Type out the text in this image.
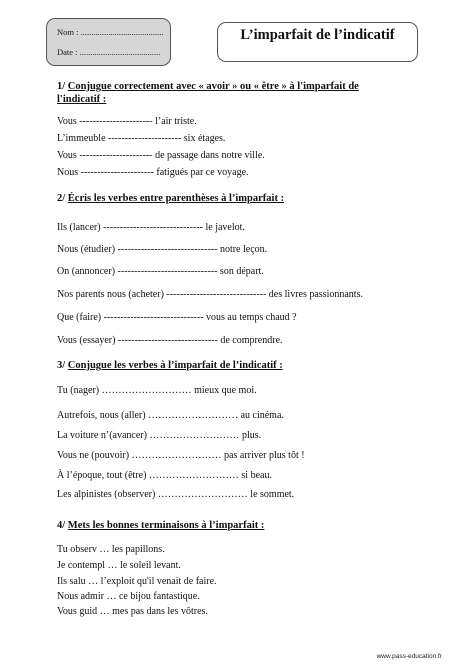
Nom : .......................................
Date : ......................................
L’imparfait de l’indicatif
1/ Conjugue correctement avec « avoir » ou « être » à l'imparfait de l'indicatif :
Vous ---------------------- l’air triste.
L’immeuble ---------------------- six étages.
Vous ---------------------- de passage dans notre ville.
Nous ---------------------- fatigués par ce voyage.
2/ Écris les verbes entre parenthèses à l’imparfait :
Ils (lancer) ------------------------------ le javelot.
Nous (étudier) ------------------------------ notre leçon.
On (annoncer) ------------------------------ son départ.
Nos parents nous (acheter) ------------------------------ des livres passionnants.
Que (faire) ------------------------------ vous au temps chaud ?
Vous (essayer) ------------------------------ de comprendre.
3/ Conjugue les verbes à l’imparfait de l’indicatif :
Tu (nager) ……………………… mieux que moi.
Autrefois, nous (aller) ……………………… au cinéma.
La voiture n’(avancer) ……………………… plus.
Vous ne (pouvoir) ……………………… pas arriver plus tôt !
À l’époque, tout (être) ……………………… si beau.
Les alpinistes (observer) ……………………… le sommet.
4/ Mets les bonnes terminaisons à l’imparfait :
Tu observ … les papillons.
Je contempl … le soleil levant.
Ils salu … l’exploit qu'il venait de faire.
Nous admir … ce bijou fantastique.
Vous guid … mes pas dans les vôtres.
www.pass-education.fr
